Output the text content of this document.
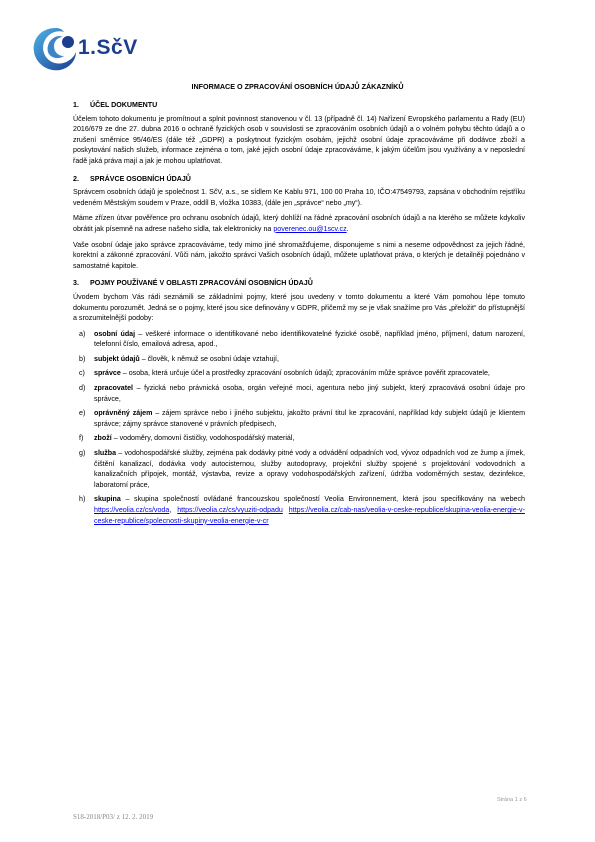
1.SčV
INFORMACE O ZPRACOVÁNÍ OSOBNÍCH ÚDAJŮ ZÁKAZNÍKŮ
1. ÚČEL DOKUMENTU

Účelem tohoto dokumentu je promítnout a splnit povinnost stanovenou v čl. 13 (případně čl. 14) Nařízení Evropského parlamentu a Rady (EU) 2016/679 ze dne 27. dubna 2016 o ochraně fyzických osob v souvislosti se zpracováním osobních údajů a o volném pohybu těchto údajů a o zrušení směrnice 95/46/ES (dále též „GDPR) a poskytnout fyzickým osobám, jejichž osobní údaje zpracováváme při dodávce zboží a poskytování našich služeb, informace zejména o tom, jaké jejich osobní údaje zpracováváme, k jakým účelům jsou využívány a v neposlední řadě jaká práva mají a jak je mohou uplatňovat.

2. SPRÁVCE OSOBNÍCH ÚDAJŮ

Správcem osobních údajů je společnost 1. SčV, a.s., se sídlem Ke Kablu 971, 100 00 Praha 10, IČO:47549793, zapsána v obchodním rejstříku vedeném Městským soudem v Praze, oddíl B, vložka 10383, (dále jen „správce“ nebo „my“).

Máme zřízen útvar pověřence pro ochranu osobních údajů, který dohlíží na řádné zpracování osobních údajů a na kterého se můžete kdykoliv obrátit jak písemně na adrese našeho sídla, tak elektronicky na poverenec.ou@1scv.cz.

Vaše osobní údaje jako správce zpracováváme, tedy mimo jiné shromažďujeme, disponujeme s nimi a neseme odpovědnost za jejich řádné, korektní a zákonné zpracování. Vůči nám, jakožto správci Vašich osobních údajů, můžete uplatňovat práva, o kterých je detailněji pojednáno v samostatné kapitole.

3. POJMY POUŽÍVANÉ V OBLASTI ZPRACOVÁNÍ OSOBNÍCH ÚDAJŮ

Úvodem bychom Vás rádi seznámili se základními pojmy, které jsou uvedeny v tomto dokumentu a které Vám pomohou lépe tomuto dokumentu porozumět. Jedná se o pojmy, které jsou sice definovány v GDPR, přičemž my se je však snažíme pro Vás „přeložit“ do přístupnější a srozumitelnější podoby:

a) osobní údaj – veškeré informace o identifikované nebo identifikovatelné fyzické osobě, například jméno, příjmení, datum narození, telefonní číslo, emailová adresa, apod.,
b) subjekt údajů – člověk, k němuž se osobní údaje vztahují,
c) správce – osoba, která určuje účel a prostředky zpracování osobních údajů; zpracováním může správce pověřit zpracovatele,
d) zpracovatel – fyzická nebo právnická osoba, orgán veřejné moci, agentura nebo jiný subjekt, který zpracovává osobní údaje pro správce,
e) oprávněný zájem – zájem správce nebo i jiného subjektu, jakožto právní titul ke zpracování, například kdy subjekt údajů je klientem správce; zájmy správce stanovené v právních předpisech,
f) zboží – vodoměry, domovní čističky, vodohospodářský materiál,
g) služba – vodohospodářské služby, zejména pak dodávky pitné vody a odvádění odpadních vod, vývoz odpadních vod ze žump a jímek, čištění kanalizací, dodávka vody autocisternou, služby autodopravy, projekční služby spojené s projektování vodovodních a kanalizačních přípojek, montáž, výstavba, revize a opravy vodohospodářských zařízení, údržba vodoměrných sestav, dezinfekce, laboratorní práce,
h) skupina – skupina společností ovládané francouzskou společností Veolia Environnement, která jsou specifikovány na webech https://veolia.cz/cs/voda, https://veolia.cz/cs/vyuziti-odpadu https://veolia.cz/cab-nas/veolia-v-ceske-republice/skupina-veolia-energie-v-ceske-republice/spolecnosti-skupiny-veolia-energie-v-cr
Strána 1 z 6
S18-2018/P03/ z 12. 2. 2019
